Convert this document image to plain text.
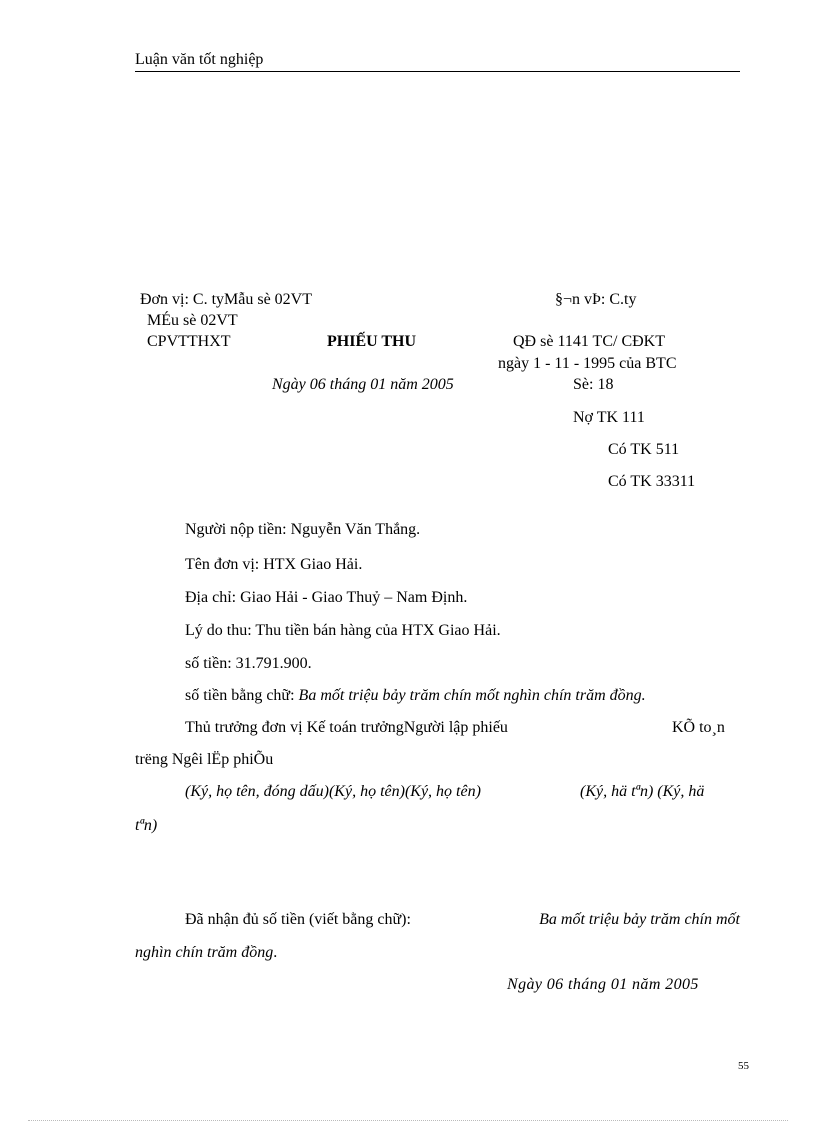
Luận văn tốt nghiệp
Đơn vị: C. tyMẫu sè 02VT
MÉu sè 02VT
CPVTTHXT	PHIẾU THU
Ngày 06 tháng 01 năm 2005
§¬n vÞ: C.ty
QĐ sè 1141 TC/ CĐKT
ngày 1 - 11 - 1995 của BTC
Sè: 18
Nợ TK 111
Có TK 511
Có TK 33311
Người nộp tiền: Nguyễn Văn Thắng.
Tên đơn vị: HTX Giao Hải.
Địa chỉ: Giao Hải - Giao Thuỷ – Nam Định.
Lý do thu: Thu tiền bán hàng của HTX Giao Hải.
số tiền: 31.791.900.
số tiền bằng chữ: Ba mốt triệu bảy trăm chín mốt nghìn chín trăm đồng.
Thủ trưởng đơn vị Kế toán trưởngNgười lập phiếu	KÕ to¸n
trëng Ngêi lËp phiÕu
(Ký, họ tên, đóng dấu)(Ký, họ tên)(Ký, họ tên)	(Ký, hä tªn) (Ký, hä
tªn)
Đã nhận đủ số tiền (viết bằng chữ):	Ba mốt triệu bảy trăm chín mốt
nghìn chín trăm đồng.
Ngày 06 tháng 01 năm 2005
55
